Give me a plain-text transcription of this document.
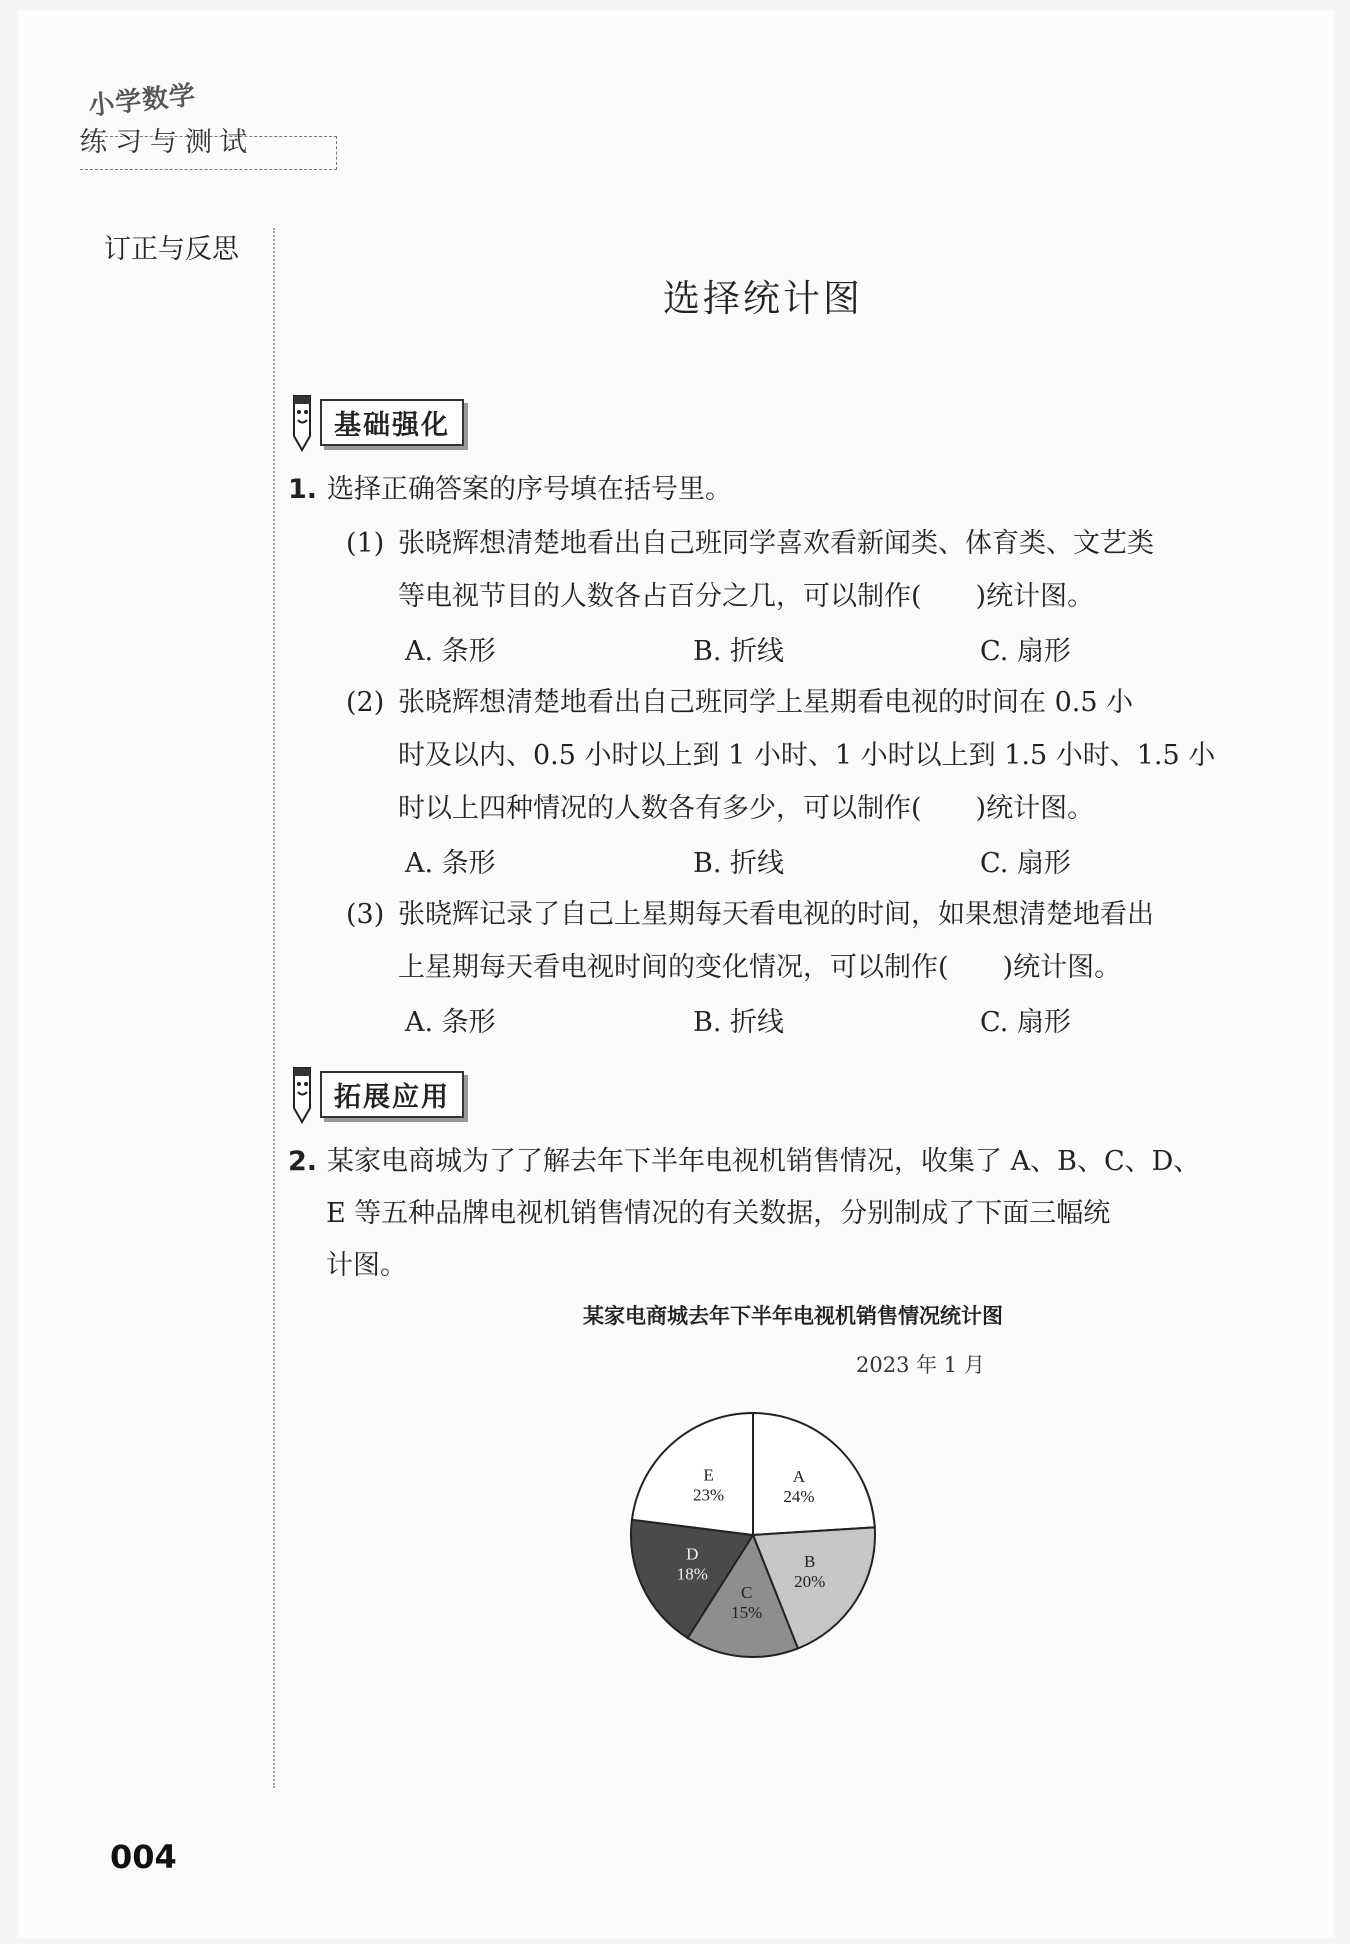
小学数学
练习与测试
订正与反思
选择统计图
基础强化
1. 选择正确答案的序号填在括号里。
(1) 张晓辉想清楚地看出自己班同学喜欢看新闻类、体育类、文艺类
等电视节目的人数各占百分之几，可以制作(　　)统计图。
A. 条形	B. 折线	C. 扇形
(2) 张晓辉想清楚地看出自己班同学上星期看电视的时间在 0.5 小
时及以内、0.5 小时以上到 1 小时、1 小时以上到 1.5 小时、1.5 小
时以上四种情况的人数各有多少，可以制作(　　)统计图。
A. 条形	B. 折线	C. 扇形
(3) 张晓辉记录了自己上星期每天看电视的时间，如果想清楚地看出
上星期每天看电视时间的变化情况，可以制作(　　)统计图。
A. 条形	B. 折线	C. 扇形
拓展应用
2. 某家电商城为了了解去年下半年电视机销售情况，收集了 A、B、C、D、
E 等五种品牌电视机销售情况的有关数据，分别制成了下面三幅统
计图。
某家电商城去年下半年电视机销售情况统计图
2023 年 1 月
A
24%
B
20%
C
15%
D
18%
E
23%
004
